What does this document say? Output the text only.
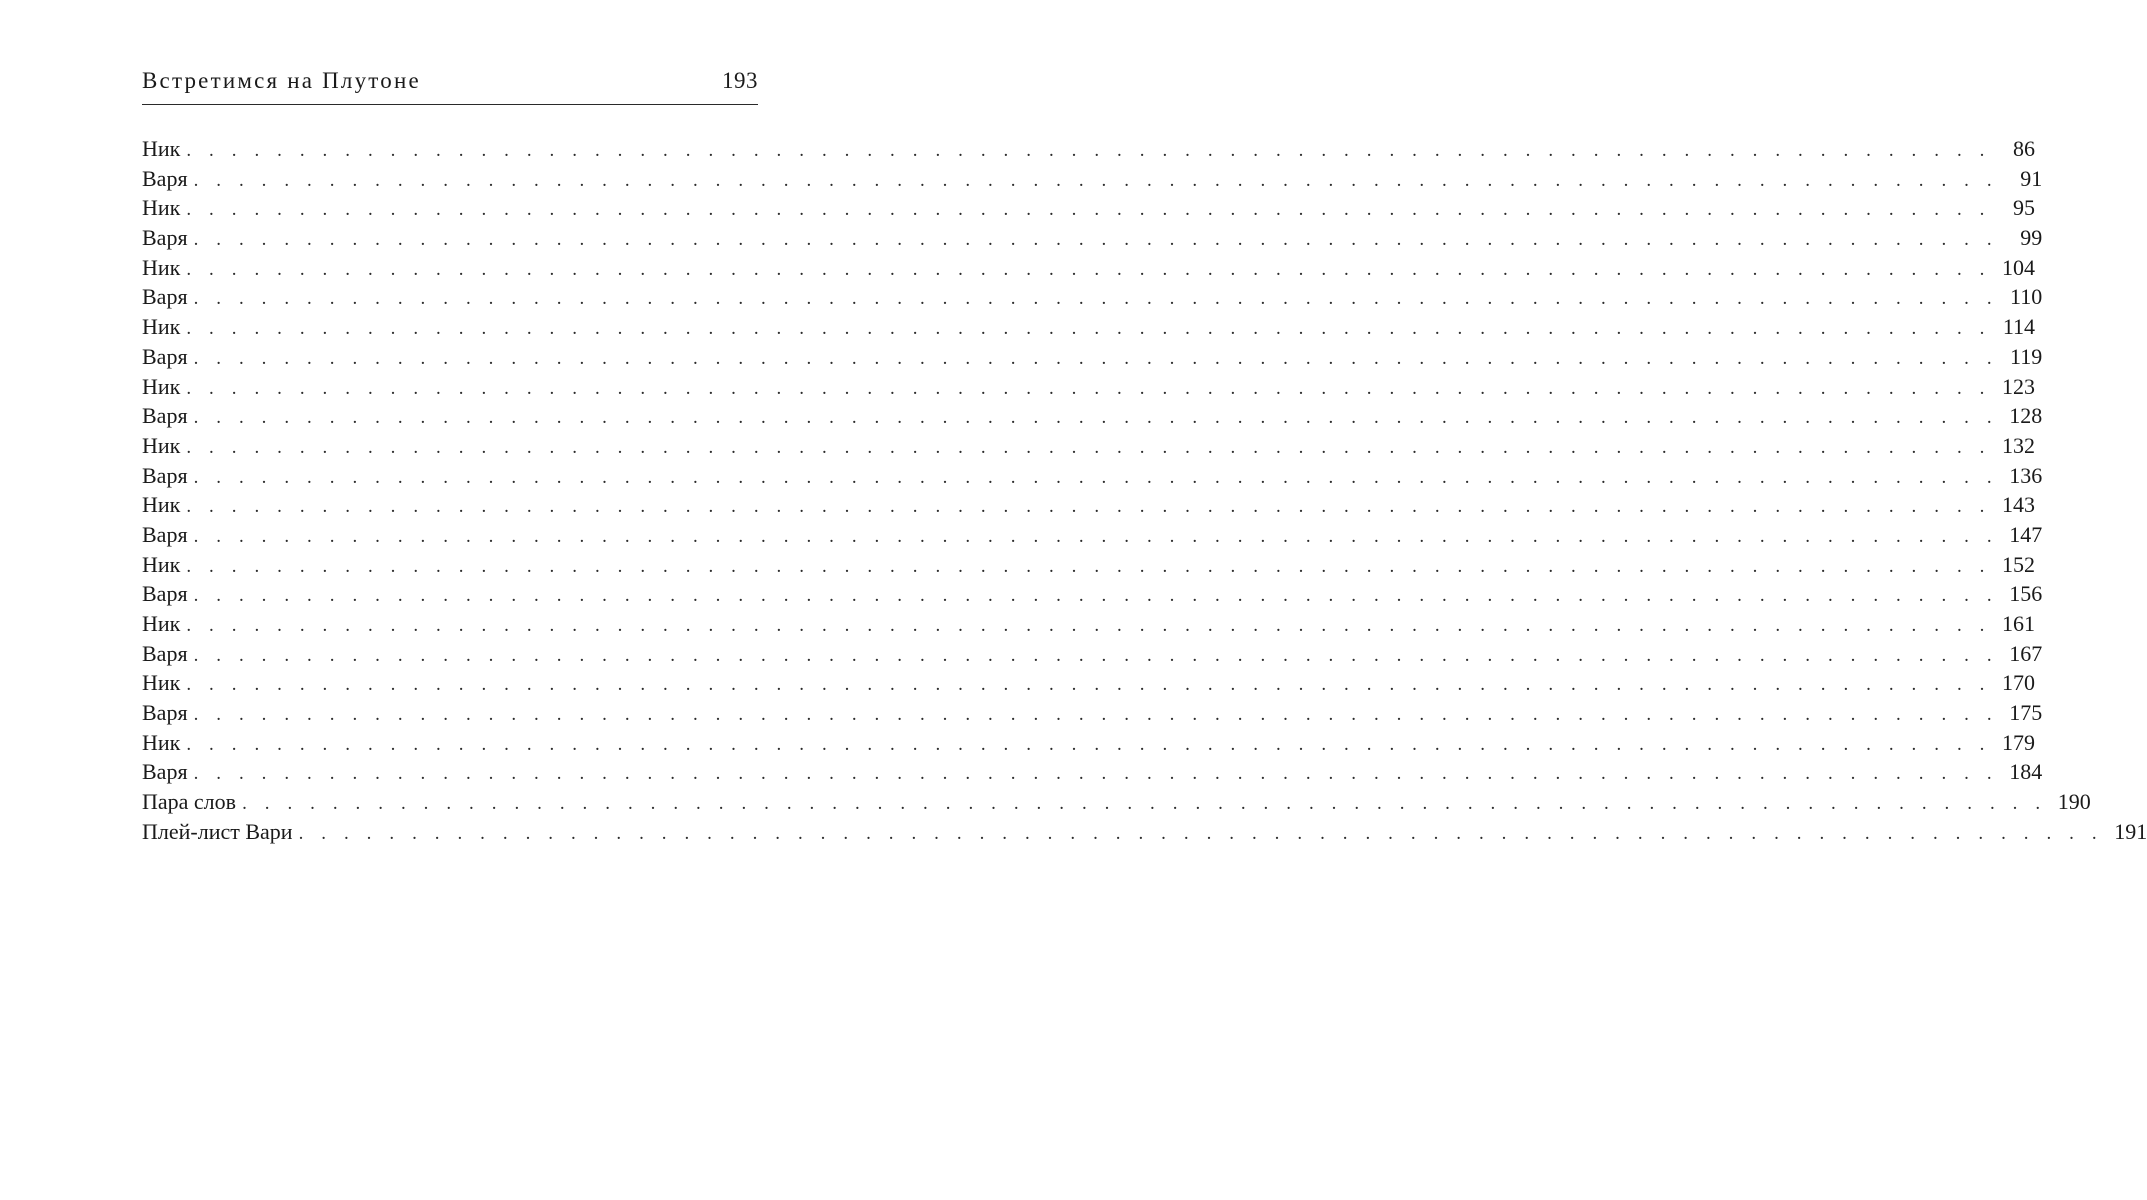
Встретимся на Плутоне	193
Ник . . . . . . . . . . . . . . . . . . . . . . . . . . . . . . . . . . . . . . . . . . . . . . . . . . . . . . . . . . . . . . . . . . . . . . . . . . . . . . . .	86
Варя . . . . . . . . . . . . . . . . . . . . . . . . . . . . . . . . . . . . . . . . . . . . . . . . . . . . . . . . . . . . . . . . . . . . . . . . . . . . . . . .	91
Ник . . . . . . . . . . . . . . . . . . . . . . . . . . . . . . . . . . . . . . . . . . . . . . . . . . . . . . . . . . . . . . . . . . . . . . . . . . . . . . . .	95
Варя . . . . . . . . . . . . . . . . . . . . . . . . . . . . . . . . . . . . . . . . . . . . . . . . . . . . . . . . . . . . . . . . . . . . . . . . . . . . . . . .	99
Ник . . . . . . . . . . . . . . . . . . . . . . . . . . . . . . . . . . . . . . . . . . . . . . . . . . . . . . . . . . . . . . . . . . . . . . . . . . . . . . . . 104
Варя . . . . . . . . . . . . . . . . . . . . . . . . . . . . . . . . . . . . . . . . . . . . . . . . . . . . . . . . . . . . . . . . . . . . . . . . . . . . . . . . 110
Ник . . . . . . . . . . . . . . . . . . . . . . . . . . . . . . . . . . . . . . . . . . . . . . . . . . . . . . . . . . . . . . . . . . . . . . . . . . . . . . . . 114
Варя . . . . . . . . . . . . . . . . . . . . . . . . . . . . . . . . . . . . . . . . . . . . . . . . . . . . . . . . . . . . . . . . . . . . . . . . . . . . . . . . 119
Ник . . . . . . . . . . . . . . . . . . . . . . . . . . . . . . . . . . . . . . . . . . . . . . . . . . . . . . . . . . . . . . . . . . . . . . . . . . . . . . . . 123
Варя . . . . . . . . . . . . . . . . . . . . . . . . . . . . . . . . . . . . . . . . . . . . . . . . . . . . . . . . . . . . . . . . . . . . . . . . . . . . . . . . 128
Ник . . . . . . . . . . . . . . . . . . . . . . . . . . . . . . . . . . . . . . . . . . . . . . . . . . . . . . . . . . . . . . . . . . . . . . . . . . . . . . . . 132
Варя . . . . . . . . . . . . . . . . . . . . . . . . . . . . . . . . . . . . . . . . . . . . . . . . . . . . . . . . . . . . . . . . . . . . . . . . . . . . . . . . 136
Ник . . . . . . . . . . . . . . . . . . . . . . . . . . . . . . . . . . . . . . . . . . . . . . . . . . . . . . . . . . . . . . . . . . . . . . . . . . . . . . . . 143
Варя . . . . . . . . . . . . . . . . . . . . . . . . . . . . . . . . . . . . . . . . . . . . . . . . . . . . . . . . . . . . . . . . . . . . . . . . . . . . . . . . 147
Ник . . . . . . . . . . . . . . . . . . . . . . . . . . . . . . . . . . . . . . . . . . . . . . . . . . . . . . . . . . . . . . . . . . . . . . . . . . . . . . . . 152
Варя . . . . . . . . . . . . . . . . . . . . . . . . . . . . . . . . . . . . . . . . . . . . . . . . . . . . . . . . . . . . . . . . . . . . . . . . . . . . . . . . 156
Ник . . . . . . . . . . . . . . . . . . . . . . . . . . . . . . . . . . . . . . . . . . . . . . . . . . . . . . . . . . . . . . . . . . . . . . . . . . . . . . . . 161
Варя . . . . . . . . . . . . . . . . . . . . . . . . . . . . . . . . . . . . . . . . . . . . . . . . . . . . . . . . . . . . . . . . . . . . . . . . . . . . . . . . 167
Ник . . . . . . . . . . . . . . . . . . . . . . . . . . . . . . . . . . . . . . . . . . . . . . . . . . . . . . . . . . . . . . . . . . . . . . . . . . . . . . . . 170
Варя . . . . . . . . . . . . . . . . . . . . . . . . . . . . . . . . . . . . . . . . . . . . . . . . . . . . . . . . . . . . . . . . . . . . . . . . . . . . . . . . 175
Ник . . . . . . . . . . . . . . . . . . . . . . . . . . . . . . . . . . . . . . . . . . . . . . . . . . . . . . . . . . . . . . . . . . . . . . . . . . . . . . . . 179
Варя . . . . . . . . . . . . . . . . . . . . . . . . . . . . . . . . . . . . . . . . . . . . . . . . . . . . . . . . . . . . . . . . . . . . . . . . . . . . . . . . 184
Пара слов . . . . . . . . . . . . . . . . . . . . . . . . . . . . . . . . . . . . . . . . . . . . . . . . . . . . . . . . . . . . . . . . . . . . . . . . . . . . . . . . 190
Плей-лист Вари . . . . . . . . . . . . . . . . . . . . . . . . . . . . . . . . . . . . . . . . . . . . . . . . . . . . . . . . . . . . . . . . . . . . . . . . . . . . . . . . 191
